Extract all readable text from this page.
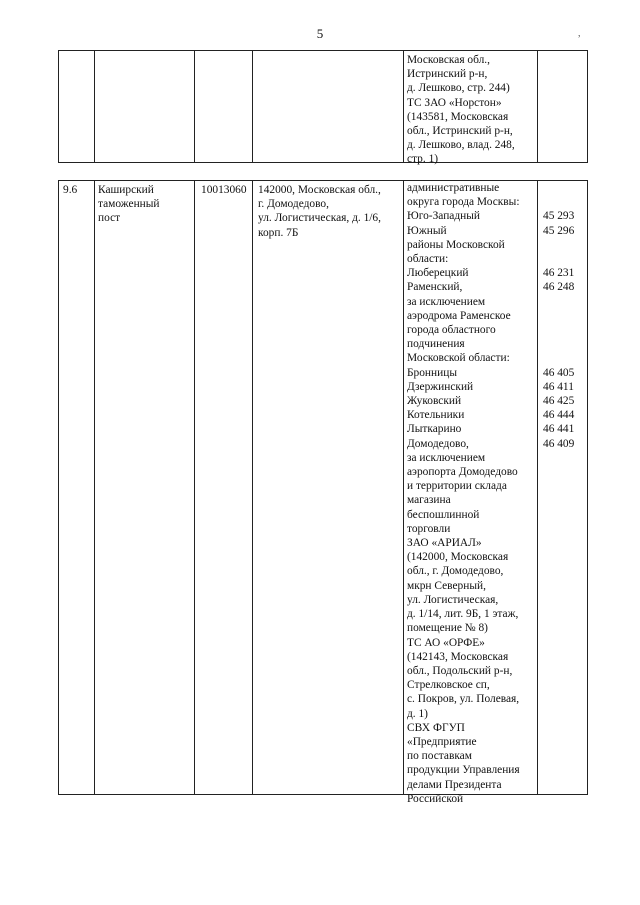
5	,
Московская обл.,
Истринский р-н,
д. Лешково, стр. 244)
ТС ЗАО «Норстон»
(143581, Московская
обл., Истринский р-н,
д. Лешково, влад. 248,
стр. 1)
9.6 Каширский
таможенный
пост
10013060 142000, Московская обл.,
г. Домодедово,
ул. Логистическая, д. 1/6,
корп. 7Б
административные
округа города Москвы:
Юго-Западный
Южный
районы Московской
области:
Люберецкий
Раменский,
за исключением
аэродрома Раменское
города областного
подчинения
Московской области:
Бронницы
Дзержинский
Жуковский
Котельники
Лыткарино
Домодедово,
за исключением
аэропорта Домодедово
и территории склада
магазина
беспошлинной
торговли
ЗАО «АРИАЛ»
(142000, Московская
обл., г. Домодедово,
мкрн Северный,
ул. Логистическая,
д. 1/14, лит. 9Б, 1 этаж,
помещение № 8)
ТС АО «ОРФЕ»
(142143, Московская
обл., Подольский р-н,
Стрелковское сп,
с. Покров, ул. Полевая,
д. 1)
СВХ ФГУП
«Предприятие
по поставкам
продукции Управления
делами Президента
Российской

45 293
45 296

46 231
46 248

46 405
46 411
46 425
46 444
46 441
46 409
